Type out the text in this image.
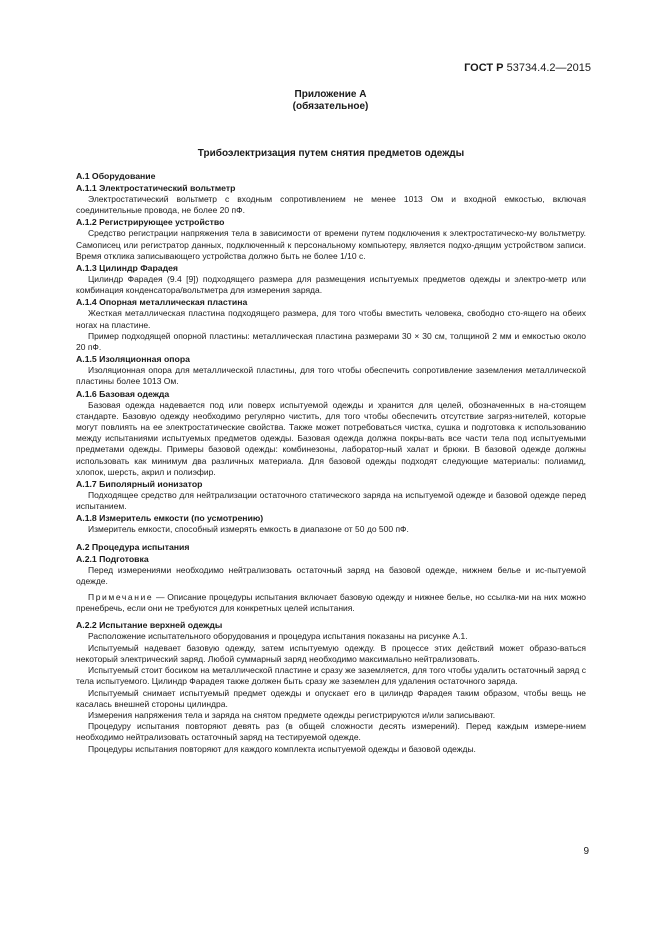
ГОСТ Р 53734.4.2—2015
Приложение А
(обязательное)
Трибоэлектризация путем снятия предметов одежды
А.1 Оборудование
А.1.1 Электростатический вольтметр

Электростатический вольтметр с входным сопротивлением не менее 1013 Ом и входной емкостью, включая соединительные провода, не более 20 пФ.

А.1.2 Регистрирующее устройство

Средство регистрации напряжения тела в зависимости от времени путем подключения к электростатическо-му вольтметру. Самописец или регистратор данных, подключенный к персональному компьютеру, является подхо-дящим устройством записи. Время отклика записывающего устройства должно быть не более 1/10 с.

А.1.3 Цилиндр Фарадея

Цилиндр Фарадея (9.4 [9]) подходящего размера для размещения испытуемых предметов одежды и электро-метр или комбинация конденсатора/вольтметра для измерения заряда.

А.1.4 Опорная металлическая пластина

Жесткая металлическая пластина подходящего размера, для того чтобы вместить человека, свободно сто-ящего на обеих ногах на пластине.

Пример подходящей опорной пластины: металлическая пластина размерами 30 × 30 см, толщиной 2 мм и емкостью около 20 пФ.

А.1.5 Изоляционная опора

Изоляционная опора для металлической пластины, для того чтобы обеспечить сопротивление заземления металлической пластины более 1013 Ом.

А.1.6 Базовая одежда

Базовая одежда надевается под или поверх испытуемой одежды и хранится для целей, обозначенных в на-стоящем стандарте. Базовую одежду необходимо регулярно чистить, для того чтобы обеспечить отсутствие загряз-нителей, которые могут повлиять на ее электростатические свойства. Также может потребоваться чистка, сушка и подготовка к использованию между испытаниями испытуемых предметов одежды. Базовая одежда должна покры-вать все части тела под испытуемыми предметами одежды. Примеры базовой одежды: комбинезоны, лаборатор-ный халат и брюки. В базовой одежде должны использовать как минимум два различных материала. Для базовой одежды подходят следующие материалы: полиамид, хлопок, шерсть, акрил и полиэфир.

А.1.7 Биполярный ионизатор

Подходящее средство для нейтрализации остаточного статического заряда на испытуемой одежде и базовой одежде перед испытанием.

А.1.8 Измеритель емкости (по усмотрению)

Измеритель емкости, способный измерять емкость в диапазоне от 50 до 500 пФ.

А.2 Процедура испытания
А.2.1 Подготовка

Перед измерениями необходимо нейтрализовать остаточный заряд на базовой одежде, нижнем белье и ис-пытуемой одежде.

Примечание — Описание процедуры испытания включает базовую одежду и нижнее белье, но ссылка-ми на них можно пренебречь, если они не требуются для конкретных целей испытания.

А.2.2 Испытание верхней одежды

Расположение испытательного оборудования и процедура испытания показаны на рисунке А.1.

Испытуемый надевает базовую одежду, затем испытуемую одежду. В процессе этих действий может образо-ваться некоторый электрический заряд. Любой суммарный заряд необходимо максимально нейтрализовать.

Испытуемый стоит босиком на металлической пластине и сразу же заземляется, для того чтобы удалить остаточный заряд с тела испытуемого. Цилиндр Фарадея также должен быть сразу же заземлен для удаления остаточного заряда.

Испытуемый снимает испытуемый предмет одежды и опускает его в цилиндр Фарадея таким образом, чтобы вещь не касалась внешней стороны цилиндра.

Измерения напряжения тела и заряда на снятом предмете одежды регистрируются и/или записывают.

Процедуру испытания повторяют девять раз (в общей сложности десять измерений). Перед каждым измере-нием необходимо нейтрализовать остаточный заряд на тестируемой одежде.

Процедуры испытания повторяют для каждого комплекта испытуемой одежды и базовой одежды.

9
